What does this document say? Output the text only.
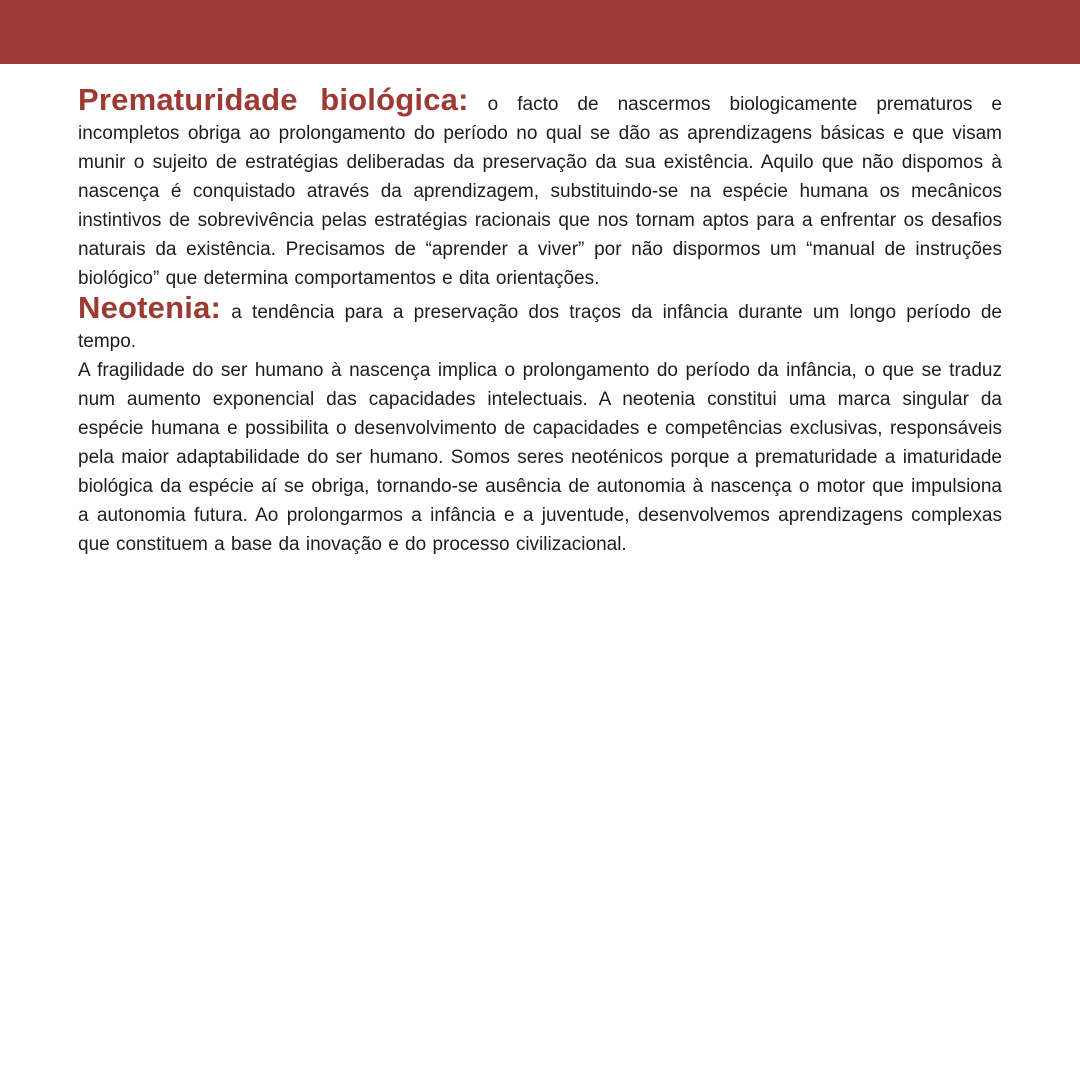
Prematuridade biológica: o facto de nascermos biologicamente prematuros e incompletos obriga ao prolongamento do período no qual se dão as aprendizagens básicas e que visam munir o sujeito de estratégias deliberadas da preservação da sua existência. Aquilo que não dispomos à nascença é conquistado através da aprendizagem, substituindo-se na espécie humana os mecânicos instintivos de sobrevivência pelas estratégias racionais que nos tornam aptos para a enfrentar os desafios naturais da existência. Precisamos de “aprender a viver” por não dispormos um “manual de instruções biológico” que determina comportamentos e dita orientações.

Neotenia: a tendência para a preservação dos traços da infância durante um longo período de tempo.

A fragilidade do ser humano à nascença implica o prolongamento do período da infância, o que se traduz num aumento exponencial das capacidades intelectuais. A neotenia constitui uma marca singular da espécie humana e possibilita o desenvolvimento de capacidades e competências exclusivas, responsáveis pela maior adaptabilidade do ser humano. Somos seres neoténicos porque a prematuridade a imaturidade biológica da espécie aí se obriga, tornando-se ausência de autonomia à nascença o motor que impulsiona a autonomia futura. Ao prolongarmos a infância e a juventude, desenvolvemos aprendizagens complexas que constituem a base da inovação e do processo civilizacional.
